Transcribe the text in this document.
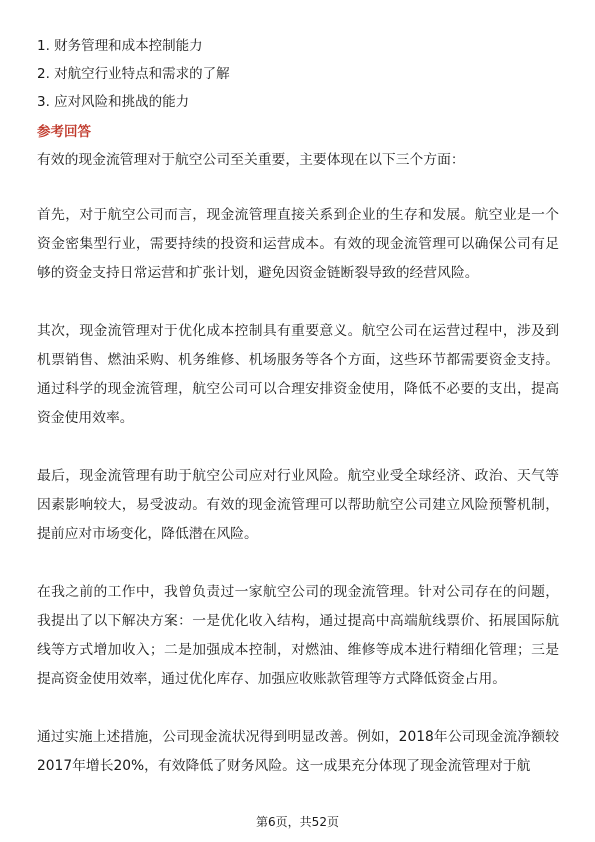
1. 财务管理和成本控制能力
2. 对航空行业特点和需求的了解
3. 应对风险和挑战的能力
参考回答

有效的现金流管理对于航空公司至关重要，主要体现在以下三个方面：

首先，对于航空公司而言，现金流管理直接关系到企业的生存和发展。航空业是一个资金密集型行业，需要持续的投资和运营成本。有效的现金流管理可以确保公司有足够的资金支持日常运营和扩张计划，避免因资金链断裂导致的经营风险。

其次，现金流管理对于优化成本控制具有重要意义。航空公司在运营过程中，涉及到机票销售、燃油采购、机务维修、机场服务等各个方面，这些环节都需要资金支持。通过科学的现金流管理，航空公司可以合理安排资金使用，降低不必要的支出，提高资金使用效率。

最后，现金流管理有助于航空公司应对行业风险。航空业受全球经济、政治、天气等因素影响较大，易受波动。有效的现金流管理可以帮助航空公司建立风险预警机制，提前应对市场变化，降低潜在风险。

在我之前的工作中，我曾负责过一家航空公司的现金流管理。针对公司存在的问题，我提出了以下解决方案：一是优化收入结构，通过提高中高端航线票价、拓展国际航线等方式增加收入；二是加强成本控制，对燃油、维修等成本进行精细化管理；三是提高资金使用效率，通过优化库存、加强应收账款管理等方式降低资金占用。

通过实施上述措施，公司现金流状况得到明显改善。例如，2018年公司现金流净额较2017年增长20%，有效降低了财务风险。这一成果充分体现了现金流管理对于航

第6页，共52页
